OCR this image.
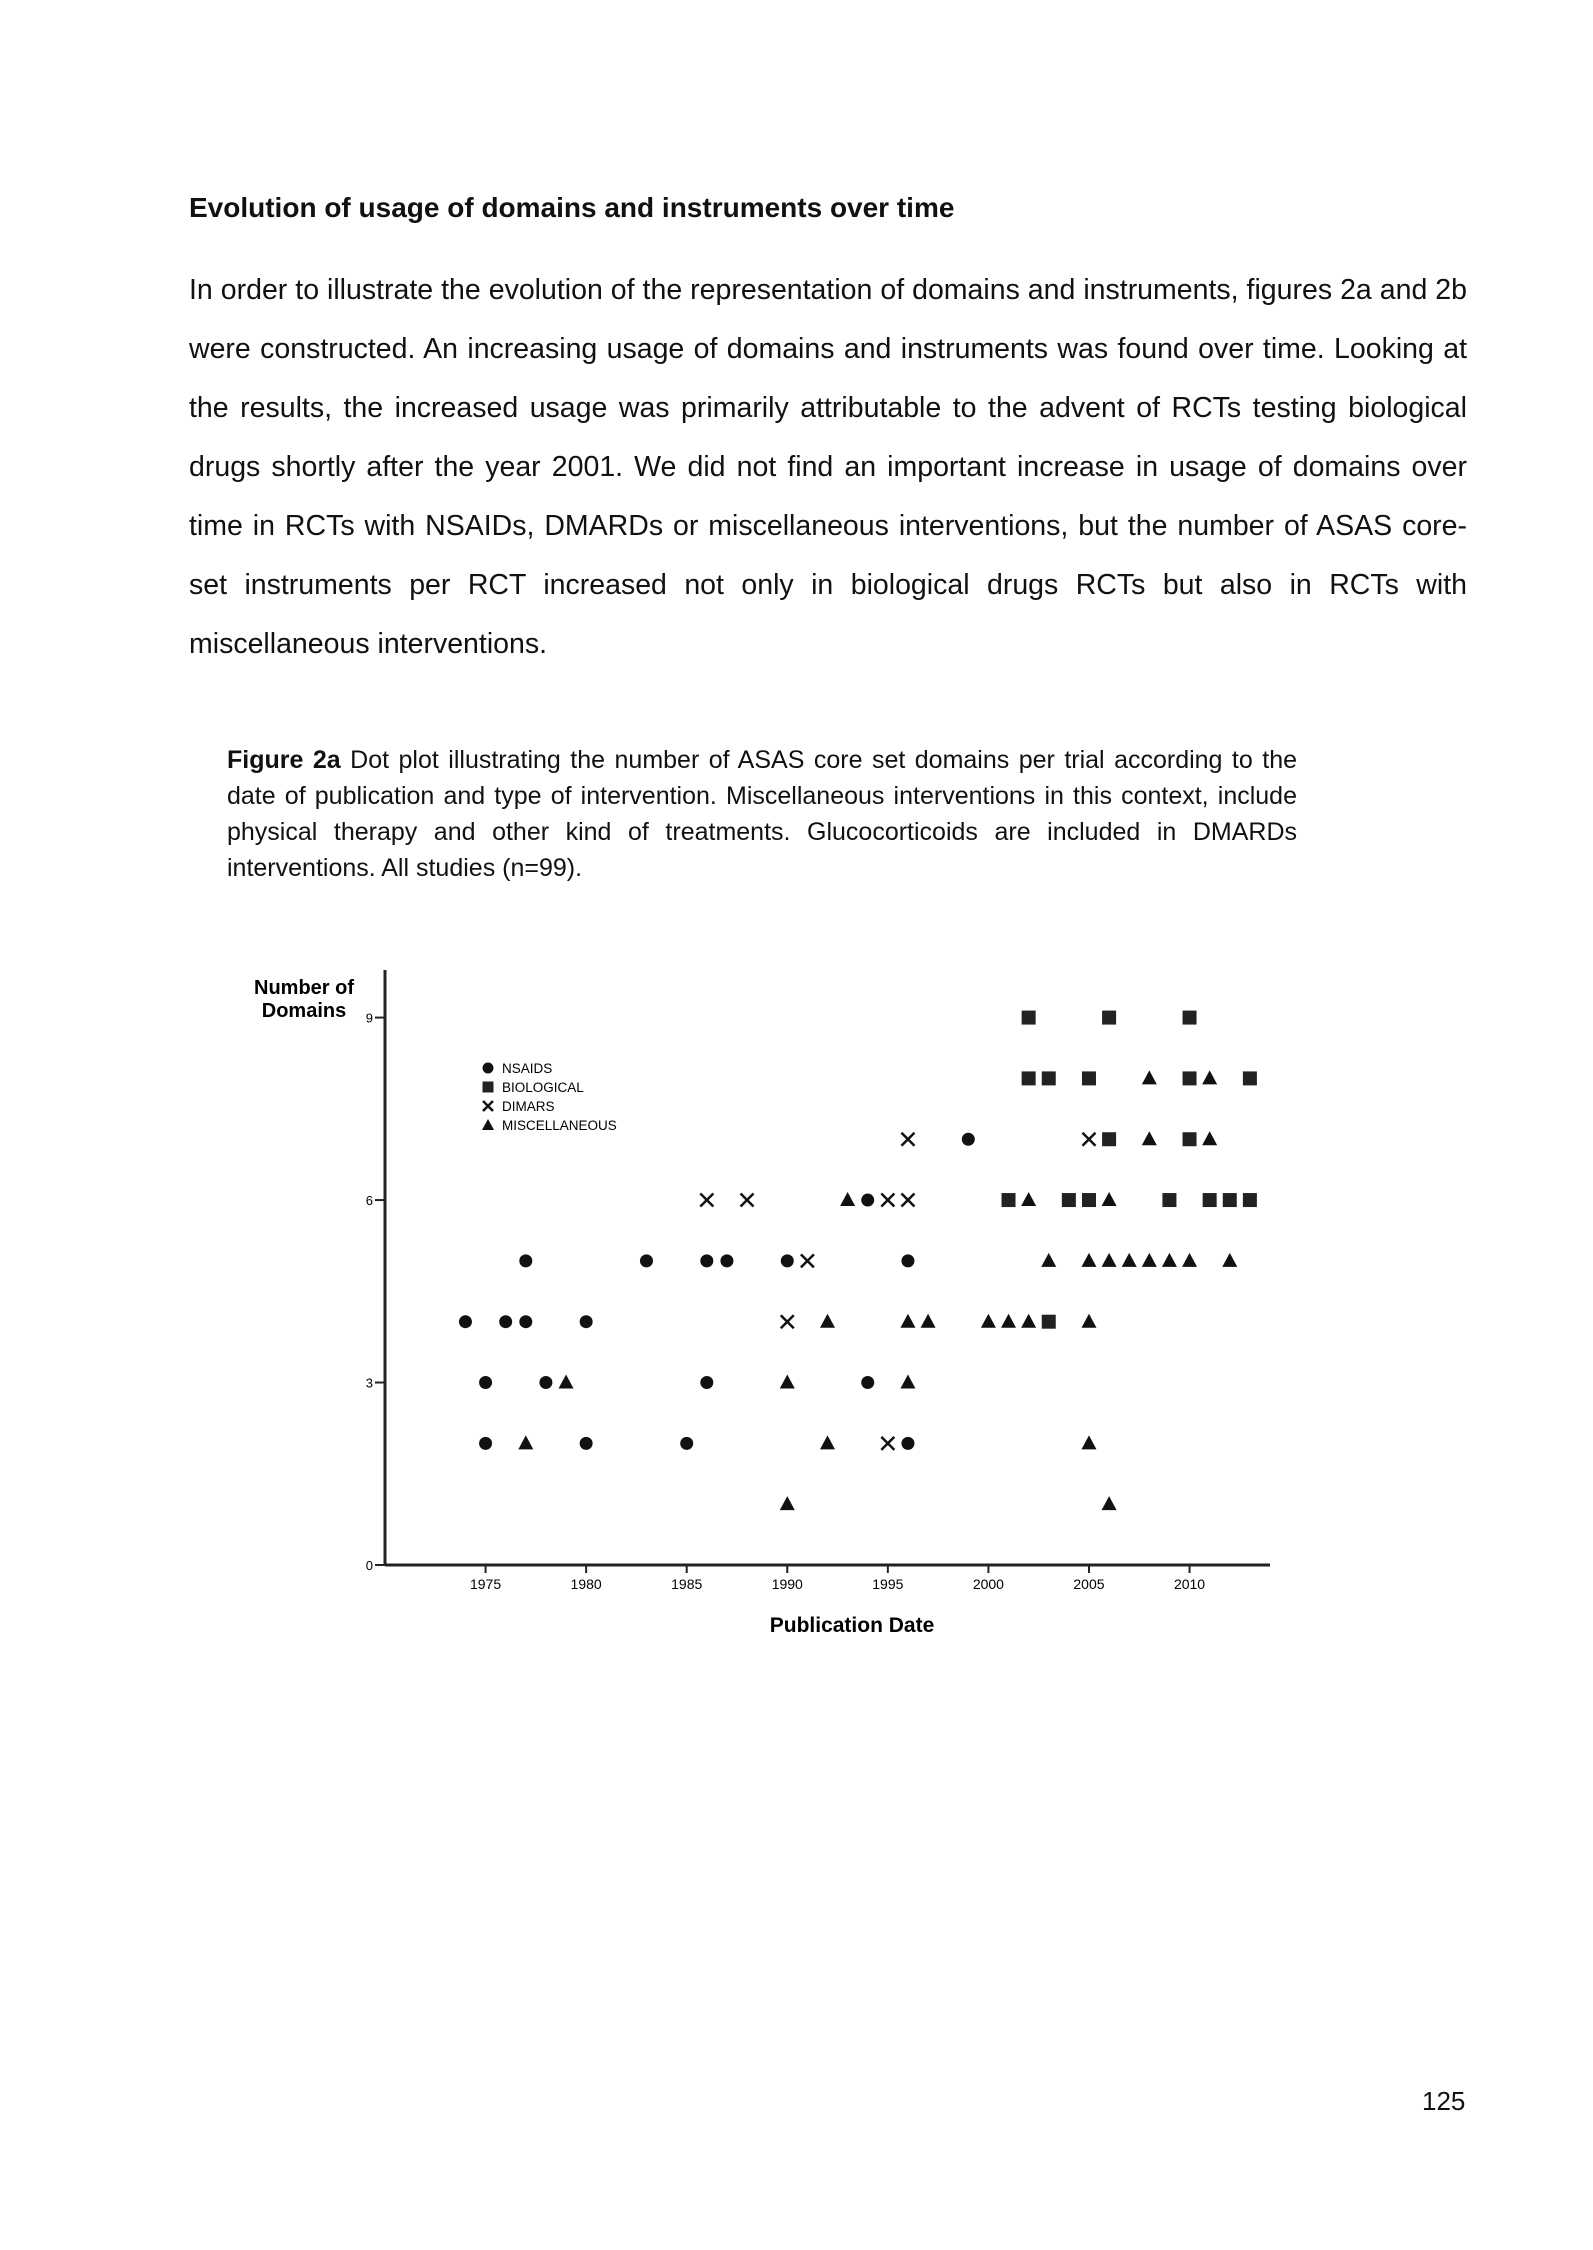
Evolution of usage of domains and instruments over time

In order to illustrate the evolution of the representation of domains and instruments, figures 2a and 2b were constructed. An increasing usage of domains and instruments was found over time. Looking at the results, the increased usage was primarily attributable to the advent of RCTs testing biological drugs shortly after the year 2001. We did not find an important increase in usage of domains over time in RCTs with NSAIDs, DMARDs or miscellaneous interventions, but the number of ASAS core-set instruments per RCT increased not only in biological drugs RCTs but also in RCTs with miscellaneous interventions.

Figure 2a Dot plot illustrating the number of ASAS core set domains per trial according to the date of publication and type of intervention. Miscellaneous interventions in this context, include physical therapy and other kind of treatments. Glucocorticoids are included in DMARDs interventions. All studies (n=99).

0
3
6
9
1975	1980	1985	1990	1995	2000	2005	2010
NSAIDS
BIOLOGICAL
DIMARS
MISCELLANEOUS
Number of
Domains
Publication Date
125
